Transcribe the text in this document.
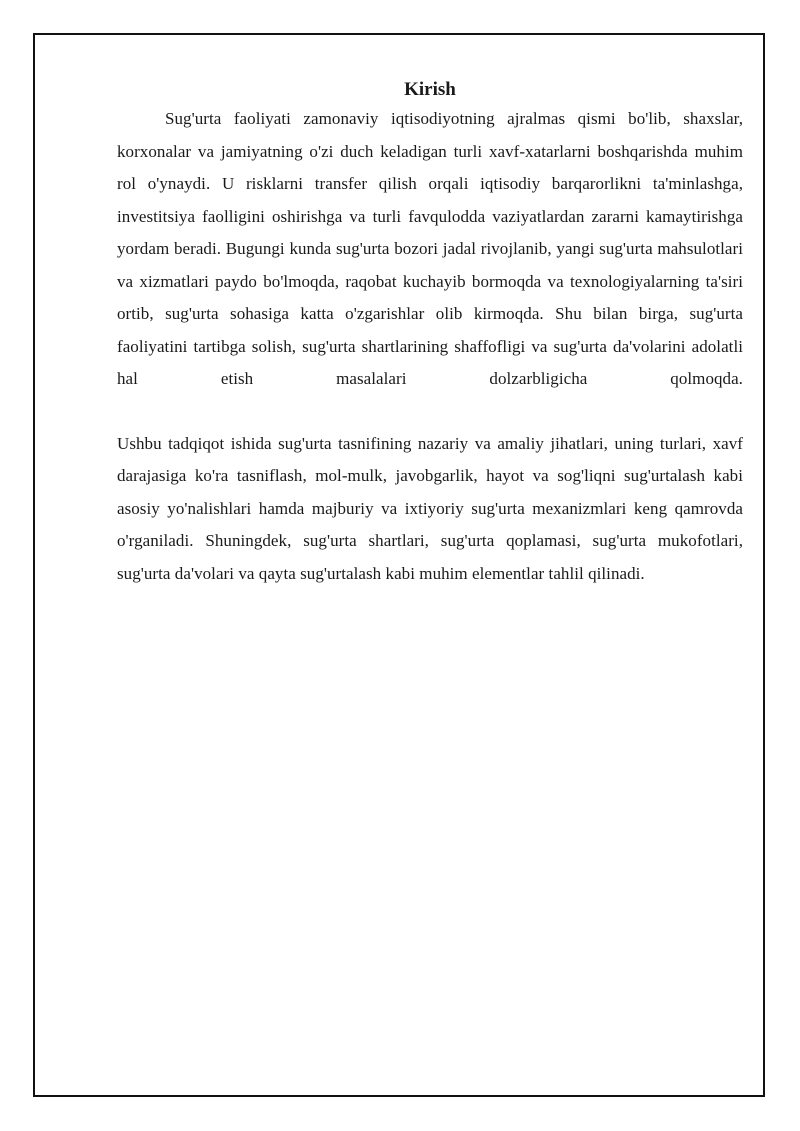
Kirish

Sug'urta faoliyati zamonaviy iqtisodiyotning ajralmas qismi bo'lib, shaxslar, korxonalar va jamiyatning o'zi duch keladigan turli xavf-xatarlarni boshqarishda muhim rol o'ynaydi. U risklarni transfer qilish orqali iqtisodiy barqarorlikni ta'minlashga, investitsiya faolligini oshirishga va turli favqulodda vaziyatlardan zararni kamaytirishga yordam beradi. Bugungi kunda sug'urta bozori jadal rivojlanib, yangi sug'urta mahsulotlari va xizmatlari paydo bo'lmoqda, raqobat kuchayib bormoqda va texnologiyalarning ta'siri ortib, sug'urta sohasiga katta o'zgarishlar olib kirmoqda. Shu bilan birga, sug'urta faoliyatini tartibga solish, sug'urta shartlarining shaffofligi va sug'urta da'volarini adolatli hal etish masalalari dolzarbligicha qolmoqda.

Ushbu tadqiqot ishida sug'urta tasnifining nazariy va amaliy jihatlari, uning turlari, xavf darajasiga ko'ra tasniflash, mol-mulk, javobgarlik, hayot va sog'liqni sug'urtalash kabi asosiy yo'nalishlari hamda majburiy va ixtiyoriy sug'urta mexanizmlari keng qamrovda o'rganiladi. Shuningdek, sug'urta shartlari, sug'urta qoplamasi, sug'urta mukofotlari, sug'urta da'volari va qayta sug'urtalash kabi muhim elementlar tahlil qilinadi.
